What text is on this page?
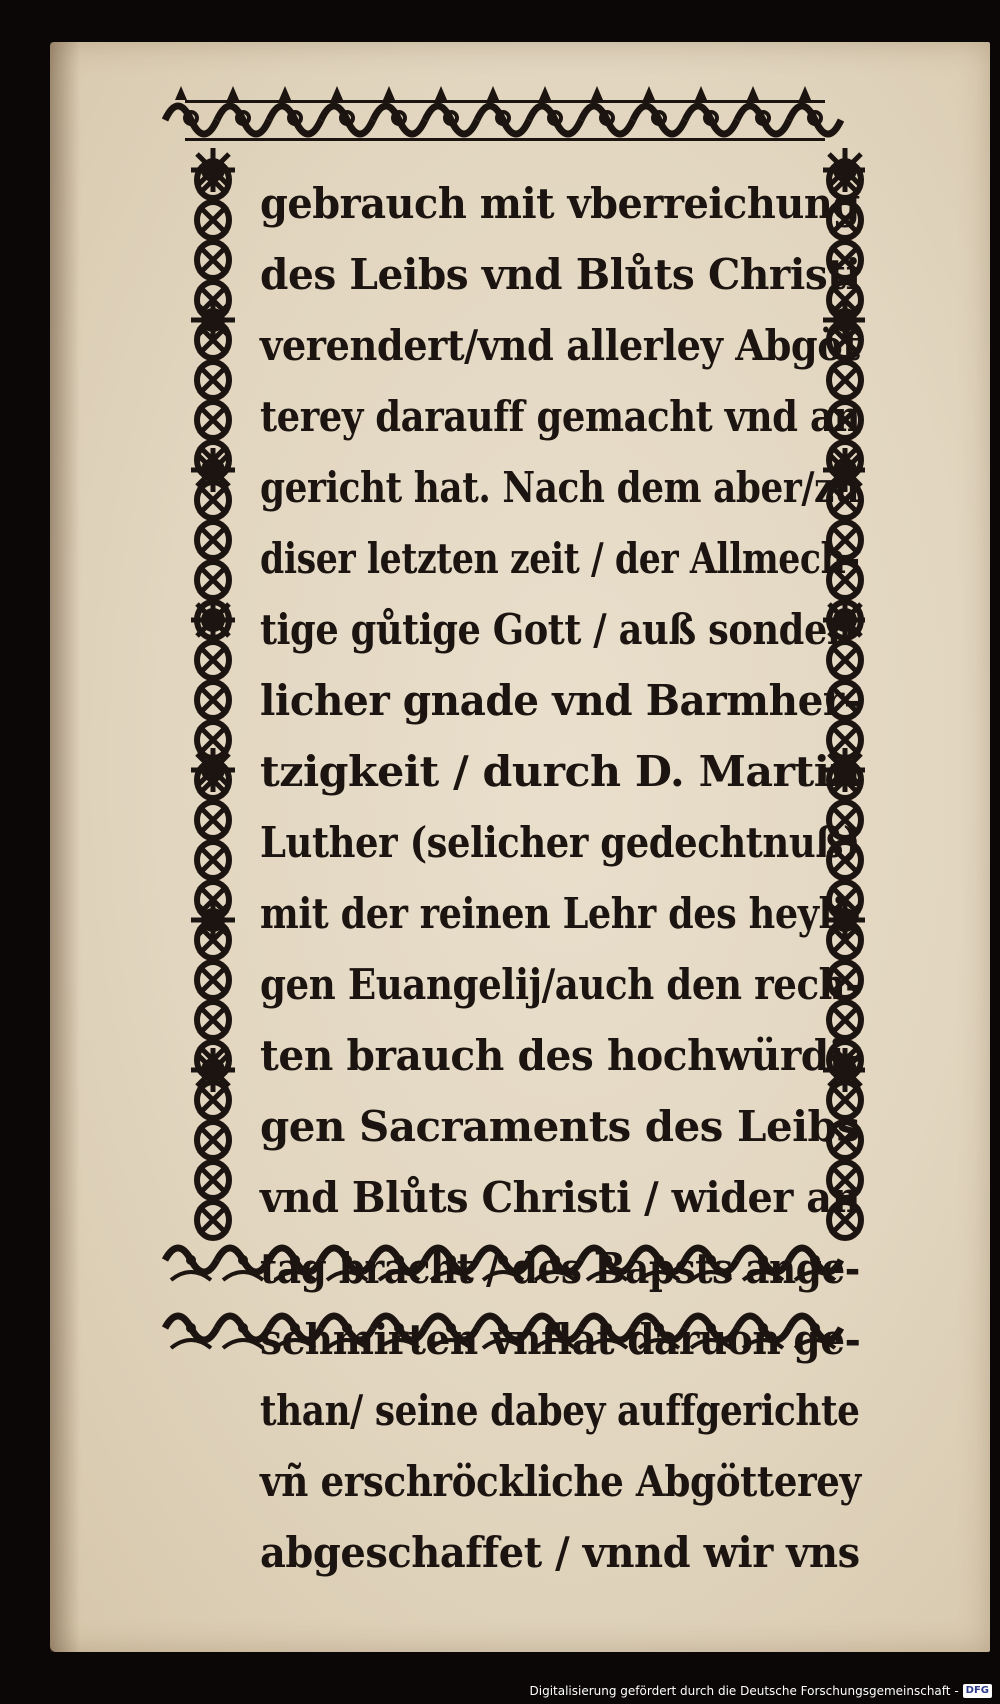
gebrauch mit vberreichung
des Leibs vnd Blůts Christi
verendert/vnd allerley Abgöt
terey darauff gemacht vnd an
gericht hat. Nach dem aber/zů
diser letzten zeit / der Allmech-
tige gůtige Gott / auß sonder-
licher gnade vnd Barmher-
tzigkeit / durch D. Martin
Luther (selicher gedechtnuß)
mit der reinen Lehr des heyli-
gen Euangelij/auch den rech-
ten brauch des hochwürdi-
gen Sacraments des Leibs
vnd Blůts Christi / wider an
tag bracht / des Bapsts ange-
schmirten vnflat daruon ge-
than/ seine dabey auffgerichte
vñ erschröckliche Abgötterey
abgeschaffet / vnnd wir vns
Digitalisierung gefördert durch die Deutsche Forschungsgemeinschaft - DFG
